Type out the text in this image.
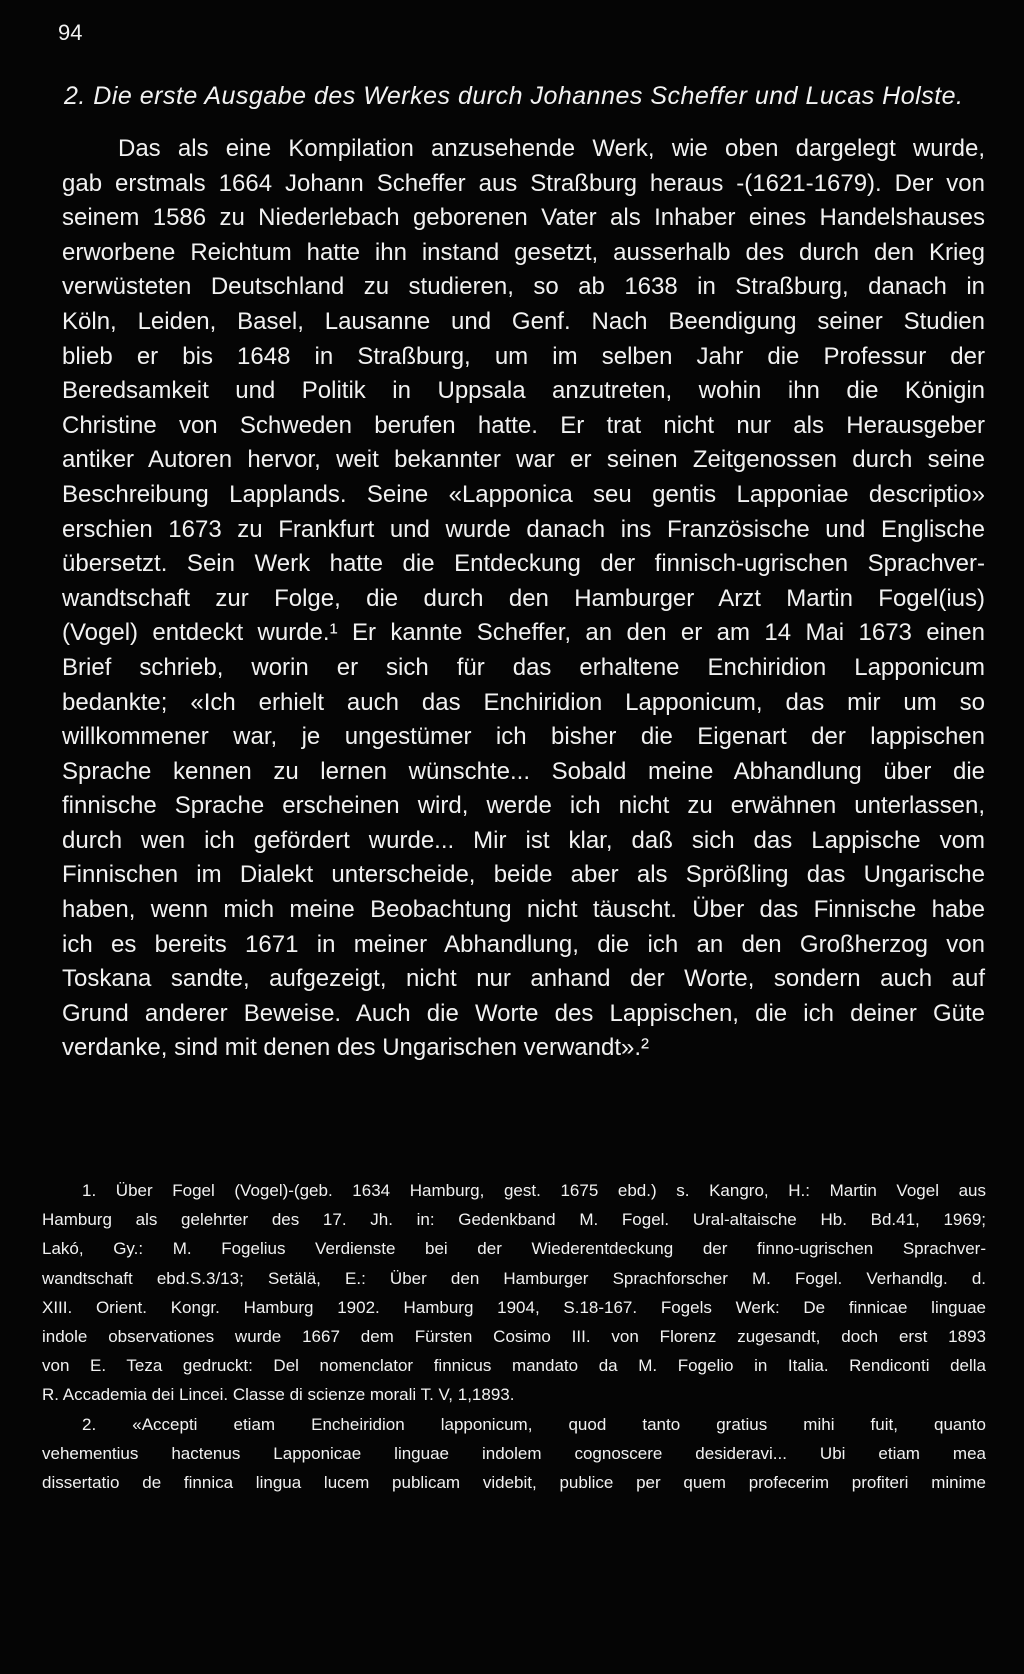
94
2. Die erste Ausgabe des Werkes durch Johannes Scheffer und Lucas Holste.
Das als eine Kompilation anzusehende Werk, wie oben dargelegt wurde,
gab erstmals 1664 Johann Scheffer aus Straßburg heraus -(1621-1679). Der von
seinem 1586 zu Niederlebach geborenen Vater als Inhaber eines Handelshauses
erworbene Reichtum hatte ihn instand gesetzt, ausserhalb des durch den Krieg
verwüsteten Deutschland zu studieren, so ab 1638 in Straßburg, danach in
Köln, Leiden, Basel, Lausanne und Genf. Nach Beendigung seiner Studien
blieb er bis 1648 in Straßburg, um im selben Jahr die Professur der
Beredsamkeit und Politik in Uppsala anzutreten, wohin ihn die Königin
Christine von Schweden berufen hatte. Er trat nicht nur als Herausgeber
antiker Autoren hervor, weit bekannter war er seinen Zeitgenossen durch seine
Beschreibung Lapplands. Seine «Lapponica seu gentis Lapponiae descriptio»
erschien 1673 zu Frankfurt und wurde danach ins Französische und Englische
übersetzt. Sein Werk hatte die Entdeckung der finnisch-ugrischen Sprachver-
wandtschaft zur Folge, die durch den Hamburger Arzt Martin Fogel(ius)
(Vogel) entdeckt wurde.¹ Er kannte Scheffer, an den er am 14 Mai 1673 einen
Brief schrieb, worin er sich für das erhaltene Enchiridion Lapponicum
bedankte; «Ich erhielt auch das Enchiridion Lapponicum, das mir um so
willkommener war, je ungestümer ich bisher die Eigenart der lappischen
Sprache kennen zu lernen wünschte... Sobald meine Abhandlung über die
finnische Sprache erscheinen wird, werde ich nicht zu erwähnen unterlassen,
durch wen ich gefördert wurde... Mir ist klar, daß sich das Lappische vom
Finnischen im Dialekt unterscheide, beide aber als Sprößling das Ungarische
haben, wenn mich meine Beobachtung nicht täuscht. Über das Finnische habe
ich es bereits 1671 in meiner Abhandlung, die ich an den Großherzog von
Toskana sandte, aufgezeigt, nicht nur anhand der Worte, sondern auch auf
Grund anderer Beweise. Auch die Worte des Lappischen, die ich deiner Güte
verdanke, sind mit denen des Ungarischen verwandt».²
1. Über Fogel (Vogel)-(geb. 1634 Hamburg, gest. 1675 ebd.) s. Kangro, H.: Martin Vogel aus
Hamburg als gelehrter des 17. Jh. in: Gedenkband M. Fogel. Ural-altaische Hb. Bd.41, 1969;
Lakó, Gy.: M. Fogelius Verdienste bei der Wiederentdeckung der finno-ugrischen Sprachver-
wandtschaft ebd.S.3/13; Setälä, E.: Über den Hamburger Sprachforscher M. Fogel. Verhandlg. d.
XIII. Orient. Kongr. Hamburg 1902. Hamburg 1904, S.18-167. Fogels Werk: De finnicae linguae
indole observationes wurde 1667 dem Fürsten Cosimo III. von Florenz zugesandt, doch erst 1893
von E. Teza gedruckt: Del nomenclator finnicus mandato da M. Fogelio in Italia. Rendiconti della
R. Accademia dei Lincei. Classe di scienze morali T. V, 1,1893.
2. «Accepti etiam Encheiridion lapponicum, quod tanto gratius mihi fuit, quanto
vehementius hactenus Lapponicae linguae indolem cognoscere desideravi... Ubi etiam mea
dissertatio de finnica lingua lucem publicam videbit, publice per quem profecerim profiteri minime
